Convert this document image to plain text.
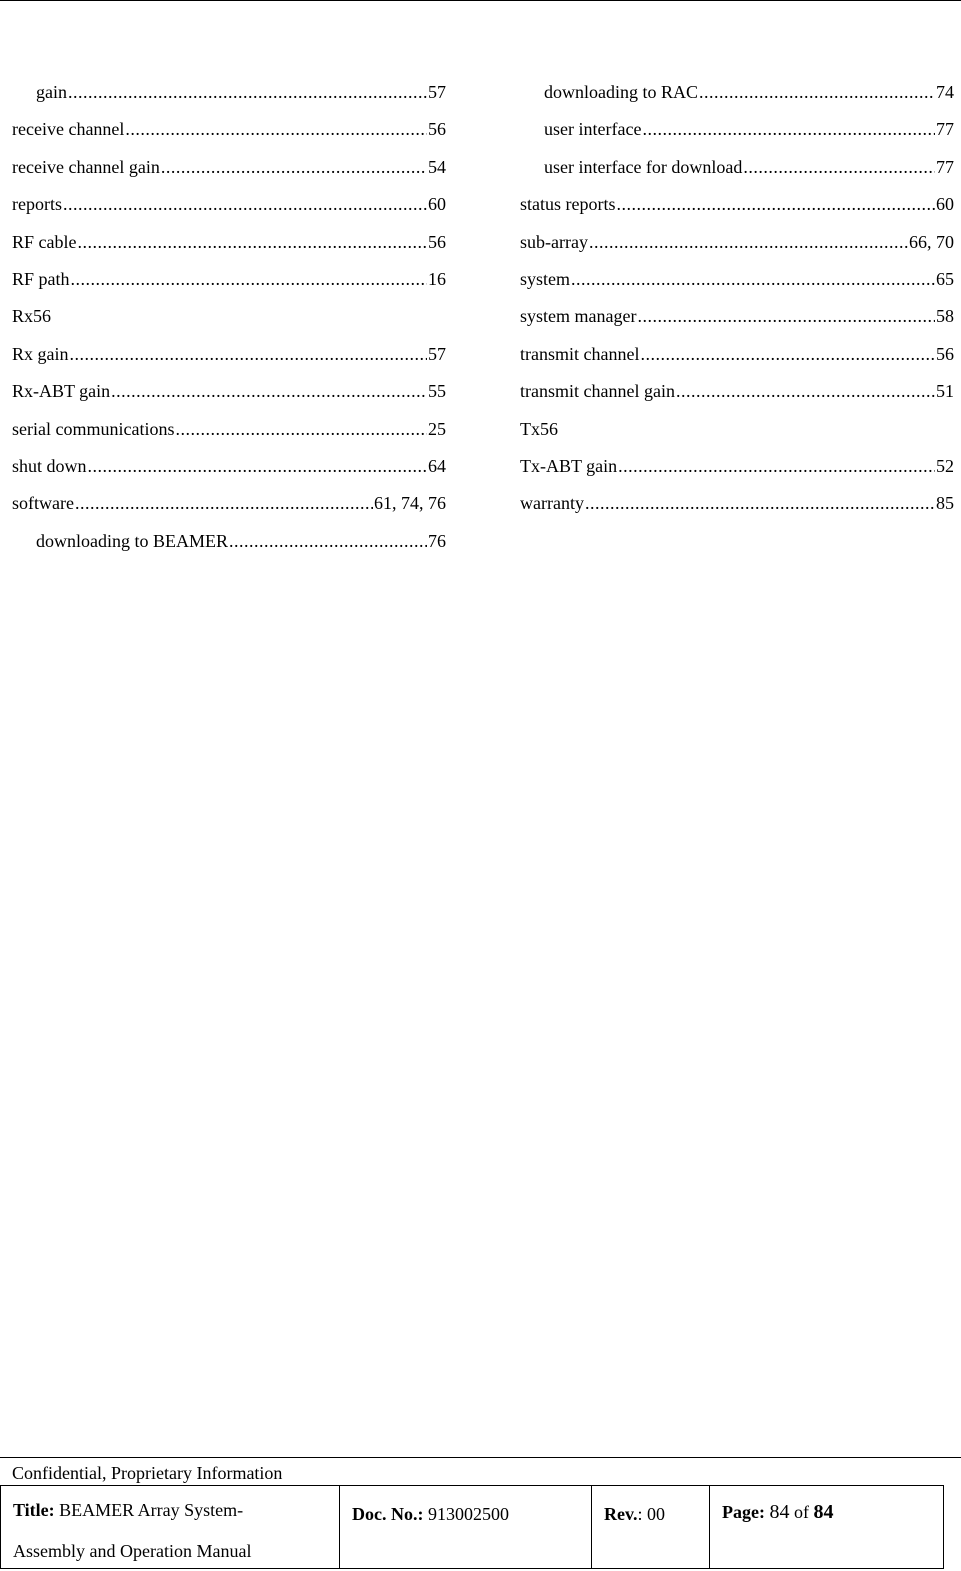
gain .....	57
receive channel .....	56
receive channel gain .....	54
reports .....	60
RF cable .....	56
RF path .....	16
Rx56
Rx gain .....	57
Rx-ABT gain .....	55
serial communications .....	25
shut down .....	64
software .....	61, 74, 76
downloading to BEAMER .....	76
downloading to RAC .....	74
user interface .....	77
user interface for download .....	77
status reports .....	60
sub-array .....	66, 70
system .....	65
system manager .....	58
transmit channel .....	56
transmit channel gain .....	51
Tx56
Tx-ABT gain .....	52
warranty .....	85
Confidential, Proprietary Information
Title: BEAMER Array System-
Assembly and Operation Manual
Doc. No.: 913002500	Rev.: 00	Page: 84 of 84
